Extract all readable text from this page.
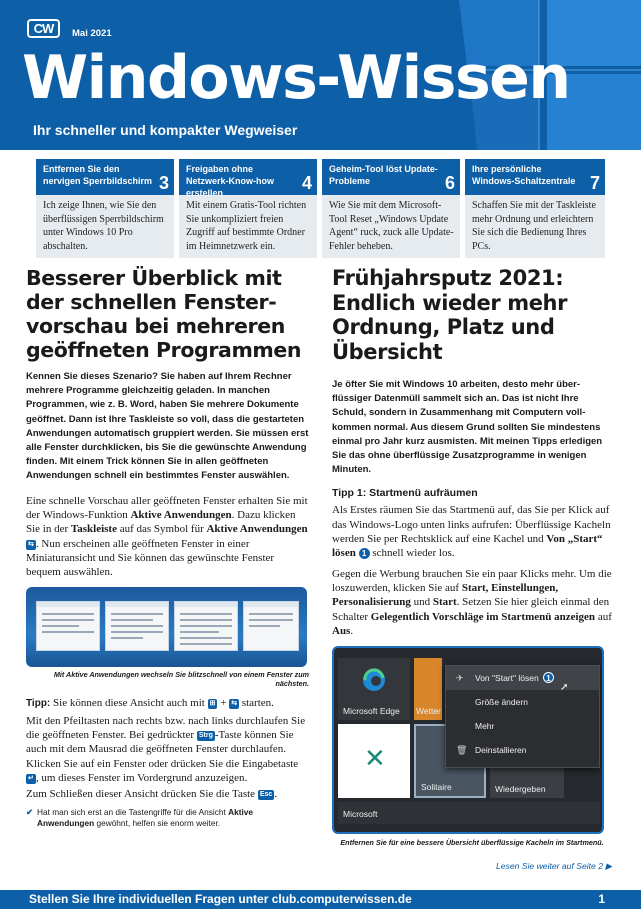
CW	Mai 2021
Windows-Wissen
Ihr schneller und kompakter Wegweiser
Entfernen Sie den nervigen Sperrbildschirm 3
Ich zeige Ihnen, wie Sie den überflüssigen Sperrbildschirm unter Windows 10 Pro abschalten.
Freigaben ohne Netzwerk-Know-how erstellen	4
Mit einem Gratis-Tool richten Sie unkompliziert freien Zugriff auf bestimmte Ordner im Heimnetzwerk ein.
Geheim-Tool löst Update-Probleme	6
Wie Sie mit dem Microsoft-Tool Reset „Windows Update Agent“ ruck, zuck alle Update-Fehler beheben.
Ihre persönliche Windows-Schaltzentrale 7
Schaffen Sie mit der Taskleiste mehr Ordnung und erleichtern Sie sich die Bedienung Ihres PCs.
Besserer Überblick mit der schnellen Fenstervorschau bei mehreren geöffneten Programmen

Kennen Sie dieses Szenario? Sie haben auf Ihrem Rechner mehrere Programme gleichzeitig geladen. In manchen Programmen, wie z. B. Word, haben Sie mehrere Dokumente geöffnet. Dann ist Ihre Taskleiste so voll, dass die gestarteten Anwendungen automatisch gruppiert werden. Sie müssen erst alle Fenster durchklicken, bis Sie die gewünschte Anwendung finden. Mit einem Trick können Sie in allen geöffneten Anwendungen schnell ein bestimmtes Fenster auswählen.

Eine schnelle Vorschau aller geöffneten Fenster erhalten Sie mit der Windows-Funktion Aktive Anwendungen. Dazu klicken Sie in der Taskleiste auf das Symbol für Aktive Anwendungen ⇆ . Nun erscheinen alle geöffneten Fenster in einer Miniaturansicht und Sie können das gewünschte Fenster bequem auswählen.

Mit Aktive Anwendungen wechseln Sie blitzschnell von einem Fenster zum nächsten.

Tipp: Sie können diese Ansicht auch mit ⊞ + ⇆ starten.

Mit den Pfeiltasten nach rechts bzw. nach links durchlaufen Sie die geöffneten Fenster. Bei gedrückter Strg -Taste können Sie auch mit dem Mausrad die geöffneten Fenster durchlaufen. Klicken Sie auf ein Fenster oder drücken Sie die Eingabetaste ↵ , um dieses Fenster im Vordergrund anzuzeigen.

Zum Schließen dieser Ansicht drücken Sie die Taste Esc .

✔ Hat man sich erst an die Tastengriffe für die Ansicht Aktive Anwendungen gewöhnt, helfen sie enorm weiter.

Frühjahrsputz 2021: Endlich wieder mehr Ordnung, Platz und Übersicht

Je öfter Sie mit Windows 10 arbeiten, desto mehr überflüssiger Datenmüll sammelt sich an. Das ist nicht Ihre Schuld, sondern in Zusammenhang mit Computern vollkommen normal. Aus diesem Grund sollten Sie mindestens einmal pro Jahr kurz ausmisten. Mit meinen Tipps erledigen Sie das ohne überflüssige Zusatzprogramme in wenigen Minuten.

Tipp 1: Startmenü aufräumen

Als Erstes räumen Sie das Startmenü auf, das Sie per Klick auf das Windows-Logo unten links aufrufen: Überflüssige Kacheln werden Sie per Rechtsklick auf eine Kachel und Von „Start“ lösen 1 schnell wieder los.

Gegen die Werbung brauchen Sie ein paar Klicks mehr. Um die loszuwerden, klicken Sie auf Start, Einstellungen, Personalisierung und Start. Setzen Sie hier gleich einmal den Schalter Gelegentlich Vorschläge im Startmenü anzeigen auf Aus.

Microsoft Edge Wetter
✕
Solitaire	Wiedergeben
Microsoft
✈ Von "Start" lösen 1
➚
Größe ändern
Mehr
🗑 Deinstallieren

Entfernen Sie für eine bessere Übersicht überflüssige Kacheln im Startmenü.

Lesen Sie weiter auf Seite 2 ▶

Stellen Sie Ihre individuellen Fragen unter club.computerwissen.de	1
